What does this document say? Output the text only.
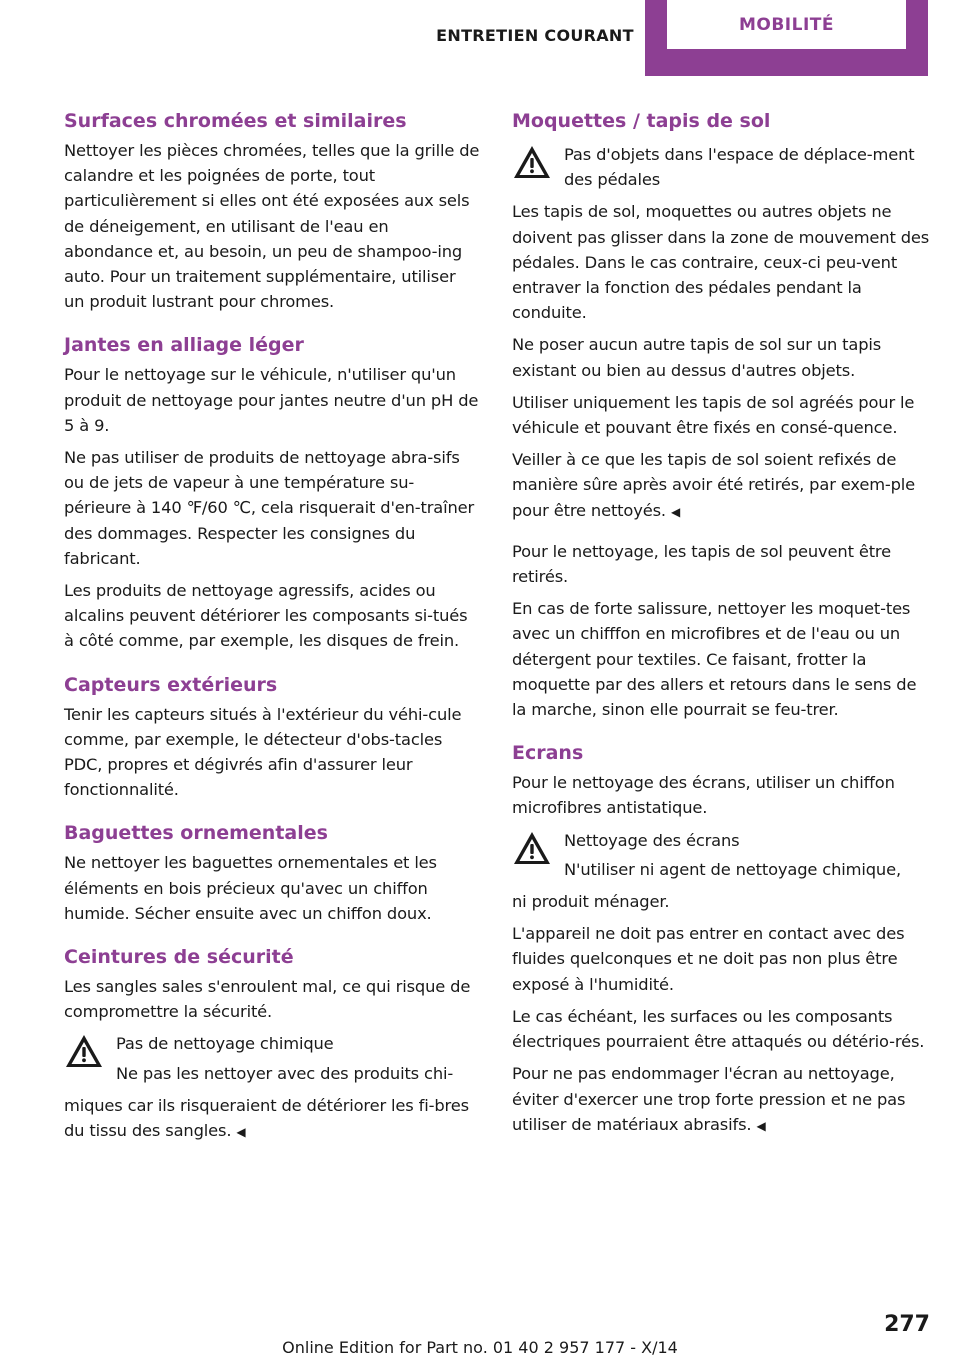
ENTRETIEN COURANT
MOBILITÉ
Surfaces chromées et similaires

Nettoyer les pièces chromées, telles que la grille de calandre et les poignées de porte, tout particulièrement si elles ont été exposées aux sels de déneigement, en utilisant de l'eau en abondance et, au besoin, un peu de shampoo-ing auto. Pour un traitement supplémentaire, utiliser un produit lustrant pour chromes.

Jantes en alliage léger

Pour le nettoyage sur le véhicule, n'utiliser qu'un produit de nettoyage pour jantes neutre d'un pH de 5 à 9.

Ne pas utiliser de produits de nettoyage abra-sifs ou de jets de vapeur à une température su-périeure à 140 ℉/60 ℃, cela risquerait d'en-traîner des dommages. Respecter les consignes du fabricant.

Les produits de nettoyage agressifs, acides ou alcalins peuvent détériorer les composants si-tués à côté comme, par exemple, les disques de frein.

Capteurs extérieurs

Tenir les capteurs situés à l'extérieur du véhi-cule comme, par exemple, le détecteur d'obs-tacles PDC, propres et dégivrés afin d'assurer leur fonctionnalité.

Baguettes ornementales

Ne nettoyer les baguettes ornementales et les éléments en bois précieux qu'avec un chiffon humide. Sécher ensuite avec un chiffon doux.

Ceintures de sécurité

Les sangles sales s'enroulent mal, ce qui risque de compromettre la sécurité.

Pas de nettoyage chimique

Ne pas les nettoyer avec des produits chi-

miques car ils risqueraient de détériorer les fi-bres du tissu des sangles. ◀

Moquettes / tapis de sol

Pas d'objets dans l'espace de déplace-ment des pédales

Les tapis de sol, moquettes ou autres objets ne doivent pas glisser dans la zone de mouvement des pédales. Dans le cas contraire, ceux-ci peu-vent entraver la fonction des pédales pendant la conduite.

Ne poser aucun autre tapis de sol sur un tapis existant ou bien au dessus d'autres objets.

Utiliser uniquement les tapis de sol agréés pour le véhicule et pouvant être fixés en consé-quence.

Veiller à ce que les tapis de sol soient refixés de manière sûre après avoir été retirés, par exem-ple pour être nettoyés. ◀

Pour le nettoyage, les tapis de sol peuvent être retirés.

En cas de forte salissure, nettoyer les moquet-tes avec un chifffon en microfibres et de l'eau ou un détergent pour textiles. Ce faisant, frotter la moquette par des allers et retours dans le sens de la marche, sinon elle pourrait se feu-trer.

Ecrans

Pour le nettoyage des écrans, utiliser un chiffon microfibres antistatique.

Nettoyage des écrans

N'utiliser ni agent de nettoyage chimique,

ni produit ménager.

L'appareil ne doit pas entrer en contact avec des fluides quelconques et ne doit pas non plus être exposé à l'humidité.

Le cas échéant, les surfaces ou les composants électriques pourraient être attaqués ou détério-rés.

Pour ne pas endommager l'écran au nettoyage, éviter d'exercer une trop forte pression et ne pas utiliser de matériaux abrasifs. ◀

277
Online Edition for Part no. 01 40 2 957 177 - X/14
